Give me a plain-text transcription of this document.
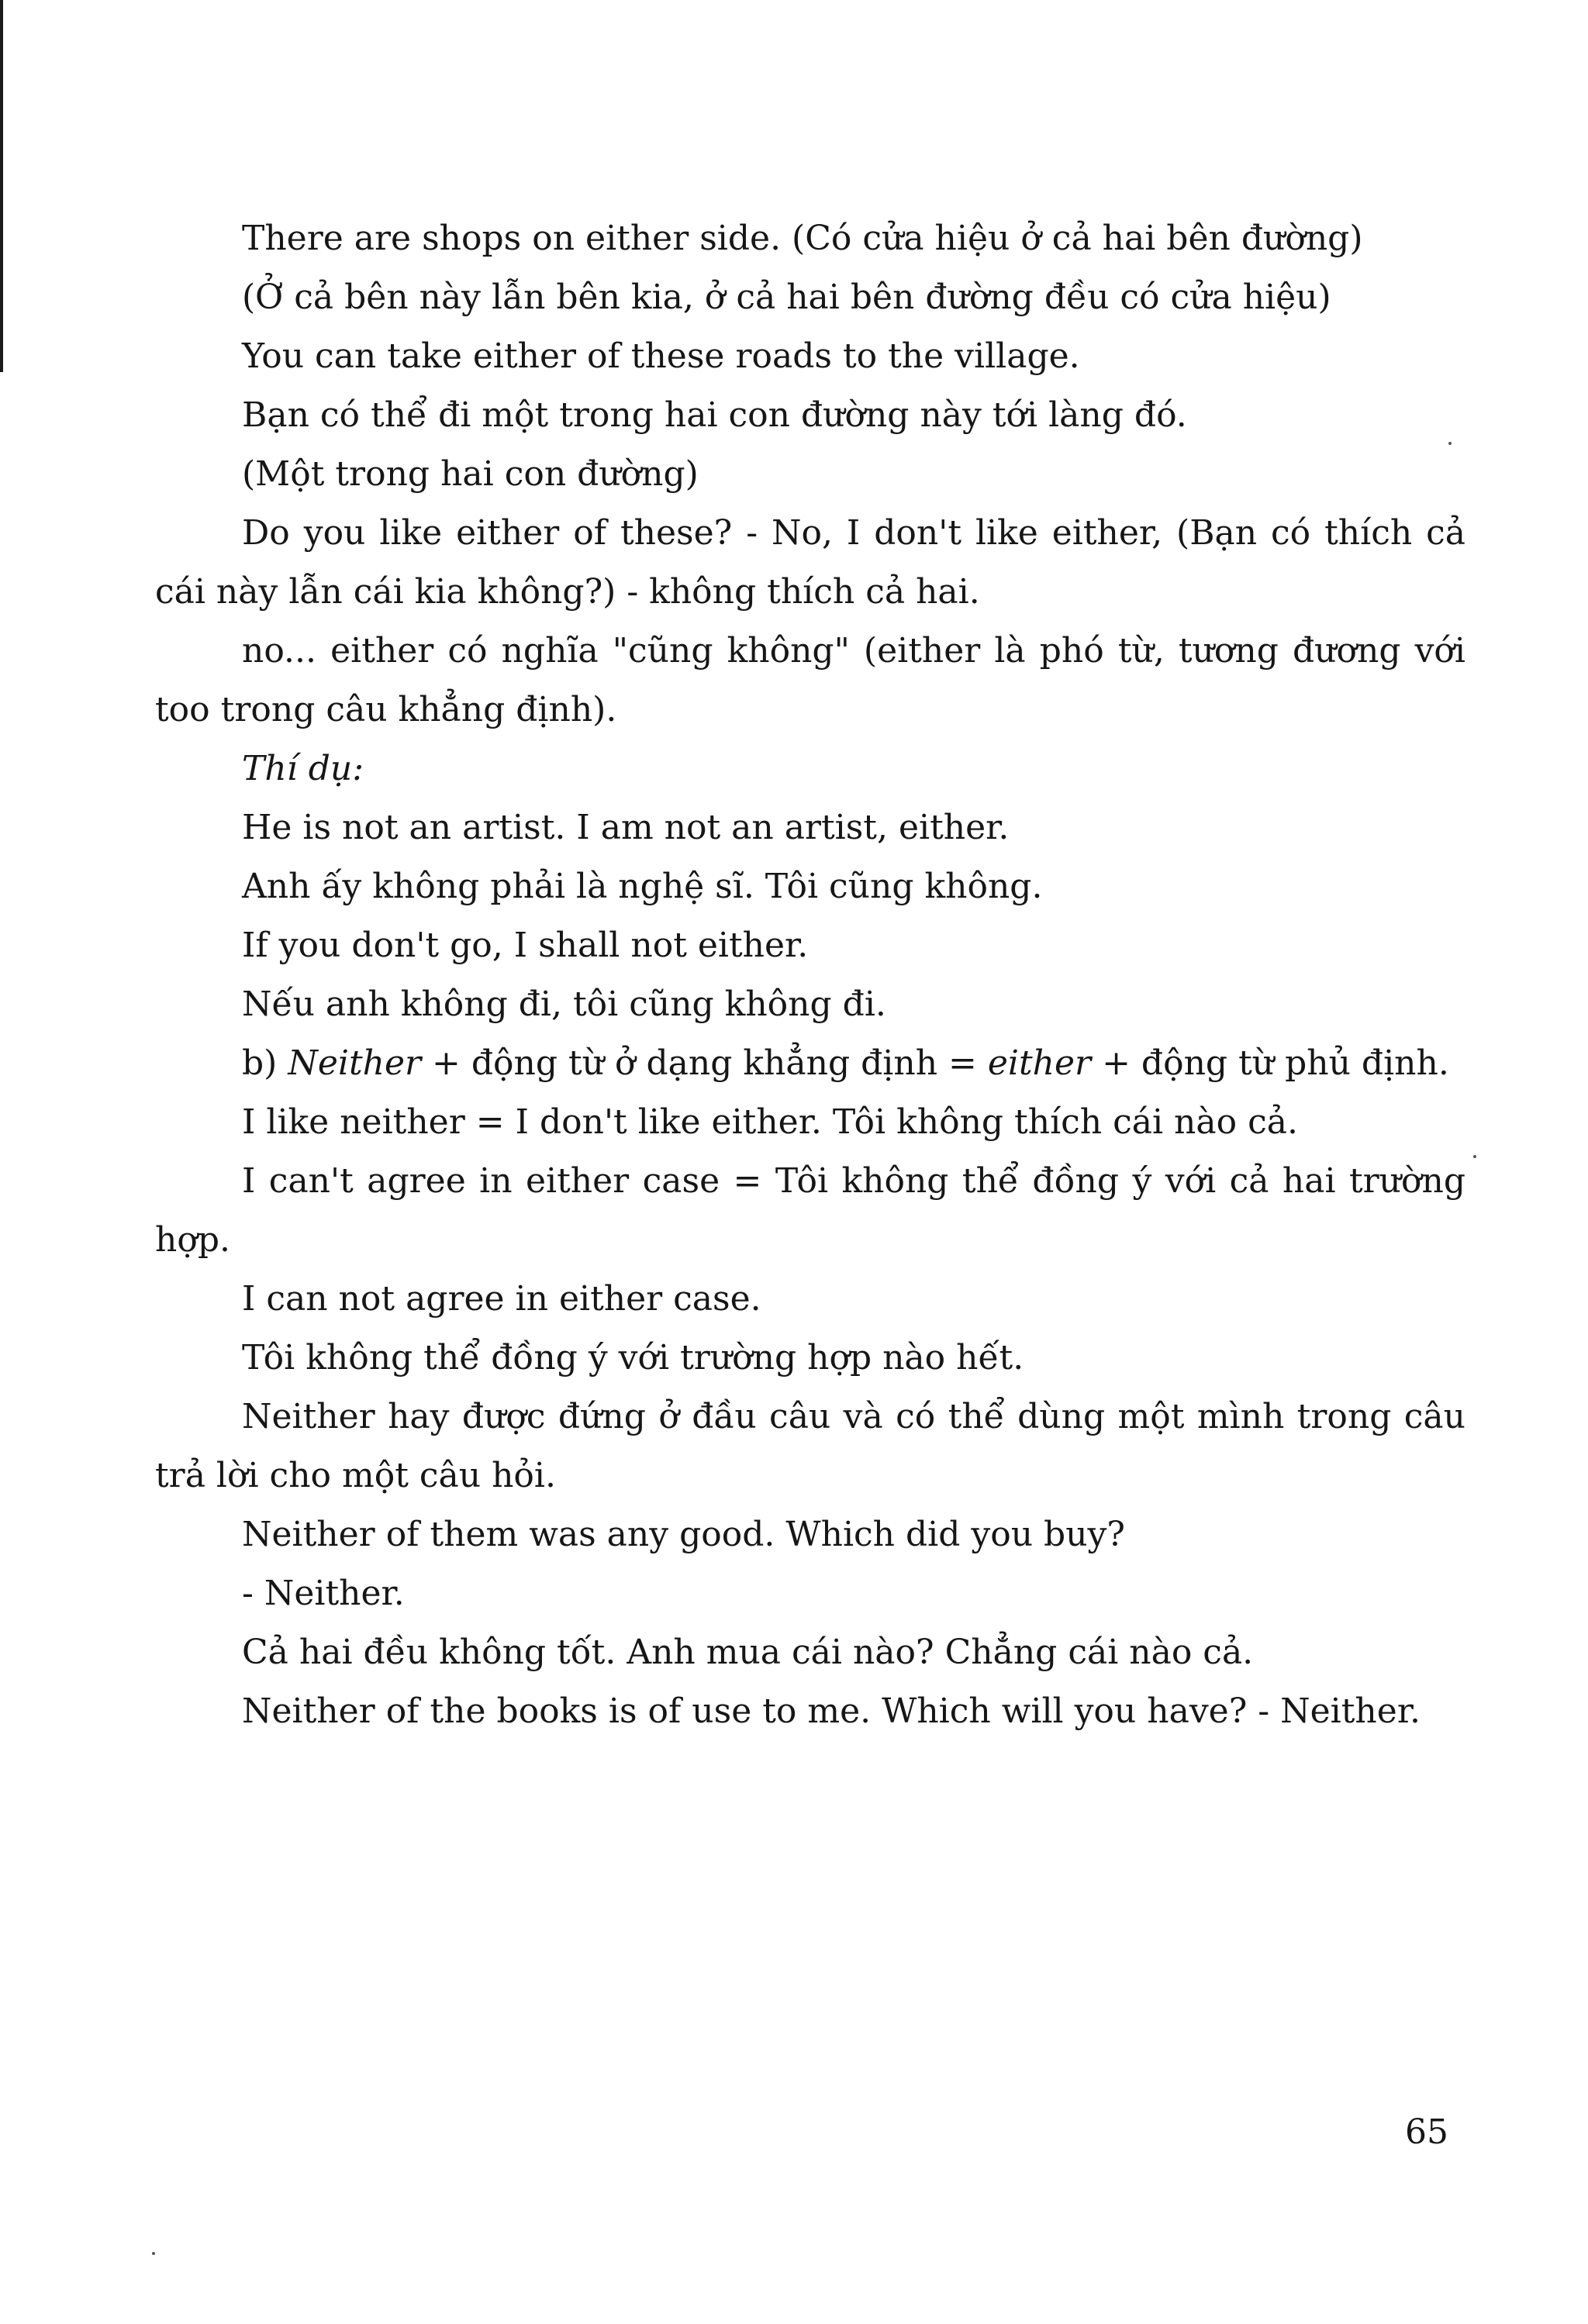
There are shops on either side. (Có cửa hiệu ở cả hai bên đường)

(Ở cả bên này lẫn bên kia, ở cả hai bên đường đều có cửa hiệu)

You can take either of these roads to the village.

Bạn có thể đi một trong hai con đường này tới làng đó.

(Một trong hai con đường)

Do you like either of these? - No, I don't like either, (Bạn có thích cả cái này lẫn cái kia không?) - không thích cả hai.

no... either có nghĩa "cũng không" (either là phó từ, tương đương với too trong câu khẳng định).

Thí dụ:

He is not an artist. I am not an artist, either.

Anh ấy không phải là nghệ sĩ. Tôi cũng không.

If you don't go, I shall not either.

Nếu anh không đi, tôi cũng không đi.

b) Neither + động từ ở dạng khẳng định = either + động từ phủ định.

I like neither = I don't like either. Tôi không thích cái nào cả.

I can't agree in either case = Tôi không thể đồng ý với cả hai trường hợp.

I can not agree in either case.

Tôi không thể đồng ý với trường hợp nào hết.

Neither hay được đứng ở đầu câu và có thể dùng một mình trong câu trả lời cho một câu hỏi.

Neither of them was any good. Which did you buy?

- Neither.

Cả hai đều không tốt. Anh mua cái nào? Chẳng cái nào cả.

Neither of the books is of use to me. Which will you have? - Neither.

65
